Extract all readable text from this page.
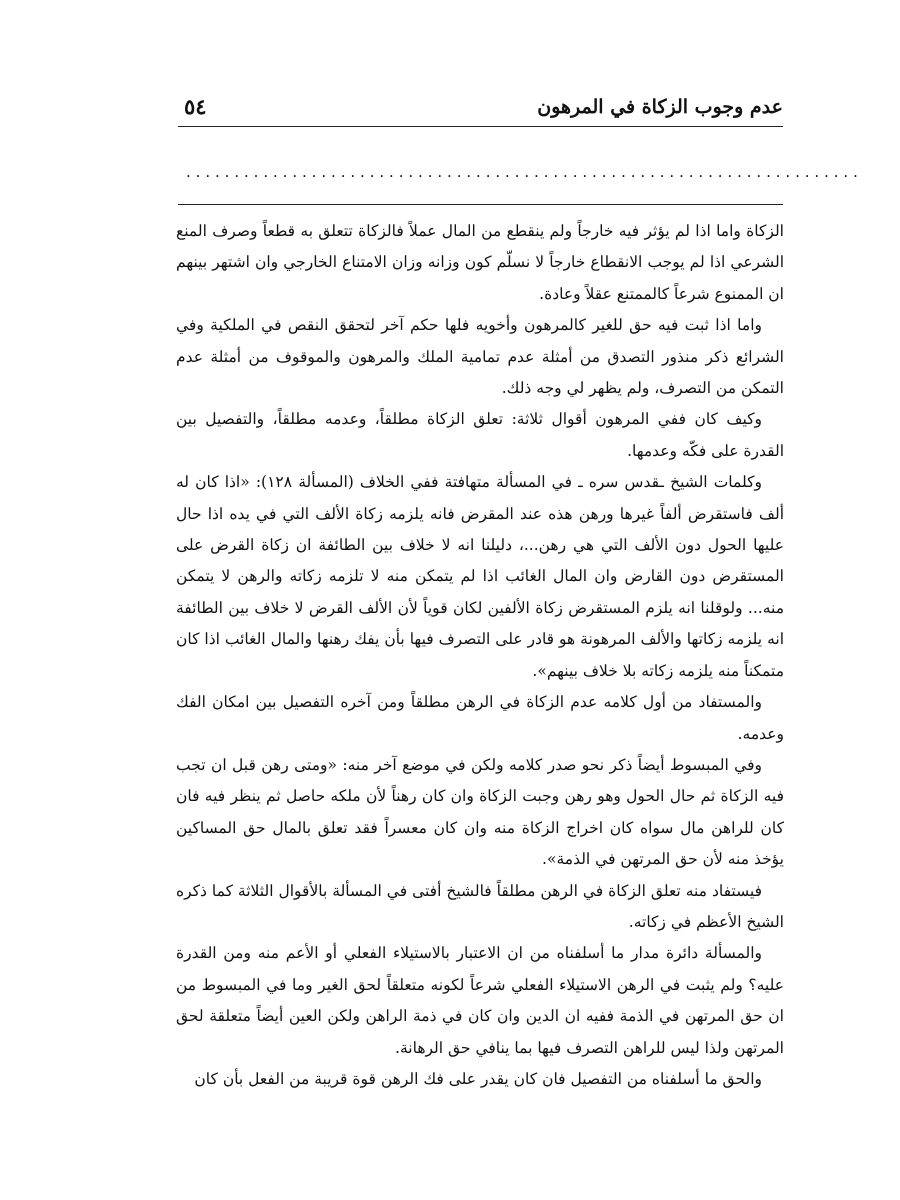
عدم وجوب الزكاة في المرهون
٥٤
......................................................................

الزكاة واما اذا لم يؤثر فيه خارجاً ولم ينقطع من المال عملاً فالزكاة تتعلق به قطعاً وصرف المنع الشرعي اذا لم يوجب الانقطاع خارجاً لا نسلّم كون وزانه وزان الامتناع الخارجي وان اشتهر بينهم ان الممنوع شرعاً كالممتنع عقلاً وعادة.

واما اذا ثبت فيه حق للغير كالمرهون وأخويه فلها حكم آخر لتحقق النقص في الملكية وفي الشرائع ذكر منذور التصدق من أمثلة عدم تمامية الملك والمرهون والموقوف من أمثلة عدم التمكن من التصرف، ولم يظهر لي وجه ذلك.

وكيف كان ففي المرهون أقوال ثلاثة: تعلق الزكاة مطلقاً، وعدمه مطلقاً، والتفصيل بين القدرة على فكّه وعدمها.

وكلمات الشيخ ـقدس سره ـ في المسألة متهافتة ففي الخلاف (المسألة ١٢٨): «اذا كان له ألف فاستقرض ألفاً غيرها ورهن هذه عند المقرض فانه يلزمه زكاة الألف التي في يده اذا حال عليها الحول دون الألف التي هي رهن...، دليلنا انه لا خلاف بين الطائفة ان زكاة القرض على المستقرض دون القارض وان المال الغائب اذا لم يتمكن منه لا تلزمه زكاته والرهن لا يتمكن منه... ولوقلنا انه يلزم المستقرض زكاة الألفين لكان قوياً لأن الألف القرض لا خلاف بين الطائفة انه يلزمه زكاتها والألف المرهونة هو قادر على التصرف فيها بأن يفك رهنها والمال الغائب اذا كان متمكناً منه يلزمه زكاته بلا خلاف بينهم».

والمستفاد من أول كلامه عدم الزكاة في الرهن مطلقاً ومن آخره التفصيل بين امكان الفك وعدمه.

وفي المبسوط أيضاً ذكر نحو صدر كلامه ولكن في موضع آخر منه: «ومتى رهن قبل ان تجب فيه الزكاة ثم حال الحول وهو رهن وجبت الزكاة وان كان رهناً لأن ملكه حاصل ثم ينظر فيه فان كان للراهن مال سواه كان اخراج الزكاة منه وان كان معسراً فقد تعلق بالمال حق المساكين يؤخذ منه لأن حق المرتهن في الذمة».

فيستفاد منه تعلق الزكاة في الرهن مطلقاً فالشيخ أفتى في المسألة بالأقوال الثلاثة كما ذكره الشيخ الأعظم في زكاته.

والمسألة دائرة مدار ما أسلفناه من ان الاعتبار بالاستيلاء الفعلي أو الأعم منه ومن القدرة عليه؟ ولم يثبت في الرهن الاستيلاء الفعلي شرعاً لكونه متعلقاً لحق الغير وما في المبسوط من ان حق المرتهن في الذمة ففيه ان الدين وان كان في ذمة الراهن ولكن العين أيضاً متعلقة لحق المرتهن ولذا ليس للراهن التصرف فيها بما ينافي حق الرهانة.

والحق ما أسلفناه من التفصيل فان كان يقدر على فك الرهن قوة قريبة من الفعل بأن كان
